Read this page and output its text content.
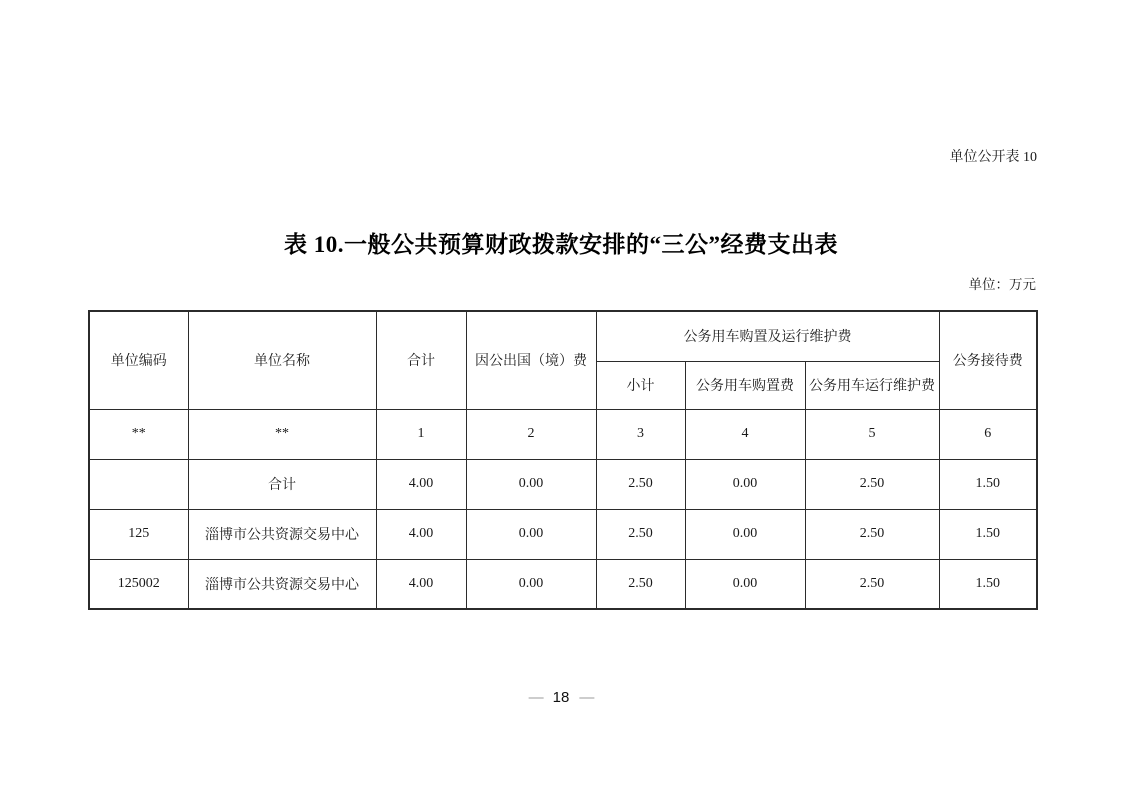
单位公开表 10
表 10.一般公共预算财政拨款安排的“三公”经费支出表
单位：万元
单位编码	单位名称	合计	因公出国（境）费	公务用车购置及运行维护费			公务接待费
				小计	公务用车购置费	公务用车运行维护费	
**	**	1	2	3	4	5	6
	合计	4.00	0.00	2.50	0.00	2.50	1.50
125	淄博市公共资源交易中心	4.00	0.00	2.50	0.00	2.50	1.50
125002	淄博市公共资源交易中心	4.00	0.00	2.50	0.00	2.50	1.50
— 18 —
